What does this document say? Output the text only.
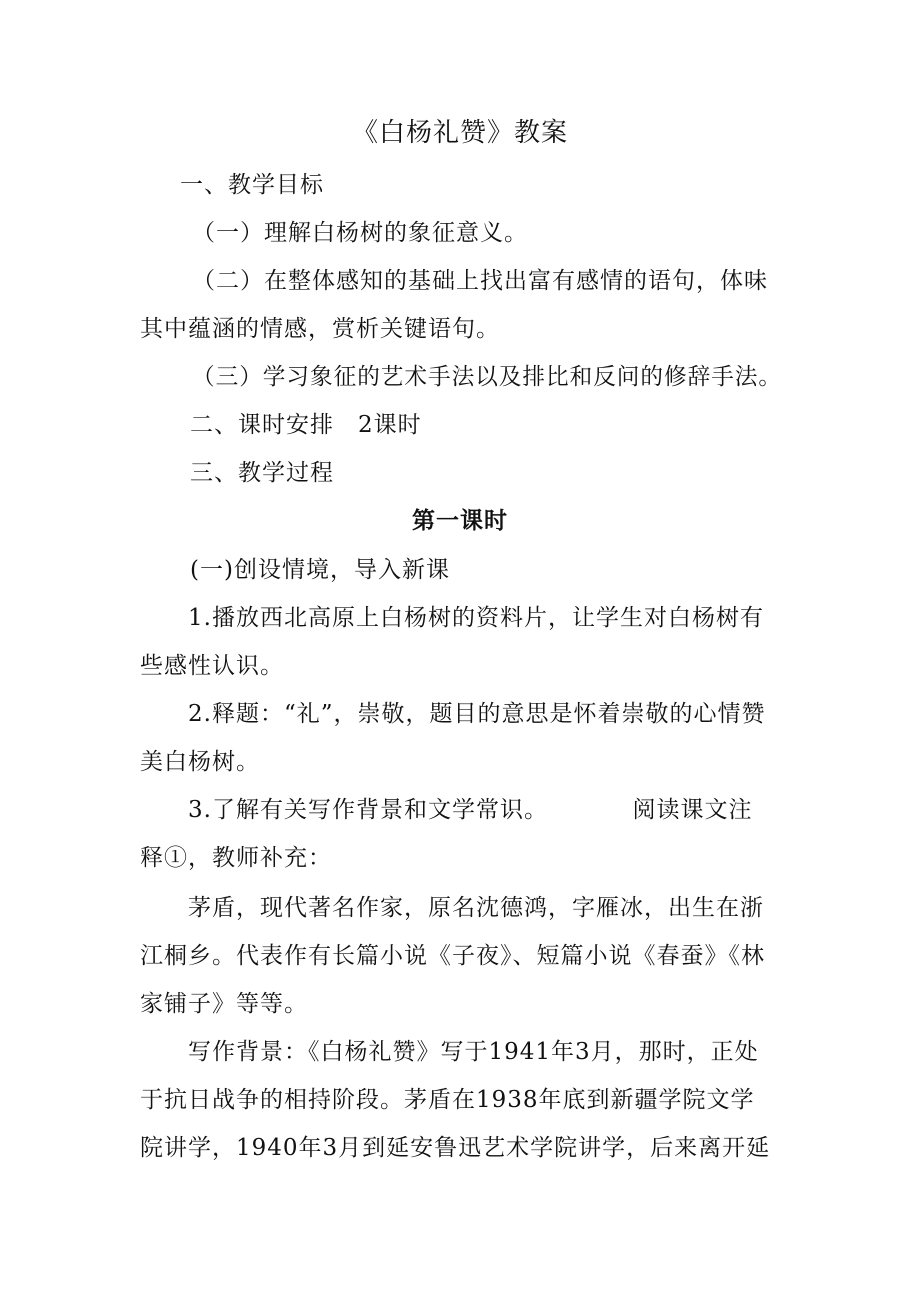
《白杨礼赞》教案
一、教学目标
（一）理解白杨树的象征意义。
（二）在整体感知的基础上找出富有感情的语句，体味
其中蕴涵的情感，赏析关键语句。
（三）学习象征的艺术手法以及排比和反问的修辞手法。
二、课时安排　2课时
三、教学过程
第一课时
(一)创设情境，导入新课
1.播放西北高原上白杨树的资料片，让学生对白杨树有
些感性认识。
2.释题：“礼”，崇敬，题目的意思是怀着崇敬的心情赞
美白杨树。
3.了解有关写作背景和文学常识。　　　　阅读课文注
释①，教师补充：
茅盾，现代著名作家，原名沈德鸿，字雁冰，出生在浙
江桐乡。代表作有长篇小说《子夜》、短篇小说《春蚕》《林
家铺子》等等。
写作背景：《白杨礼赞》写于1941年3月，那时，正处
于抗日战争的相持阶段。茅盾在1938年底到新疆学院文学
院讲学，1940年3月到延安鲁迅艺术学院讲学，后来离开延
